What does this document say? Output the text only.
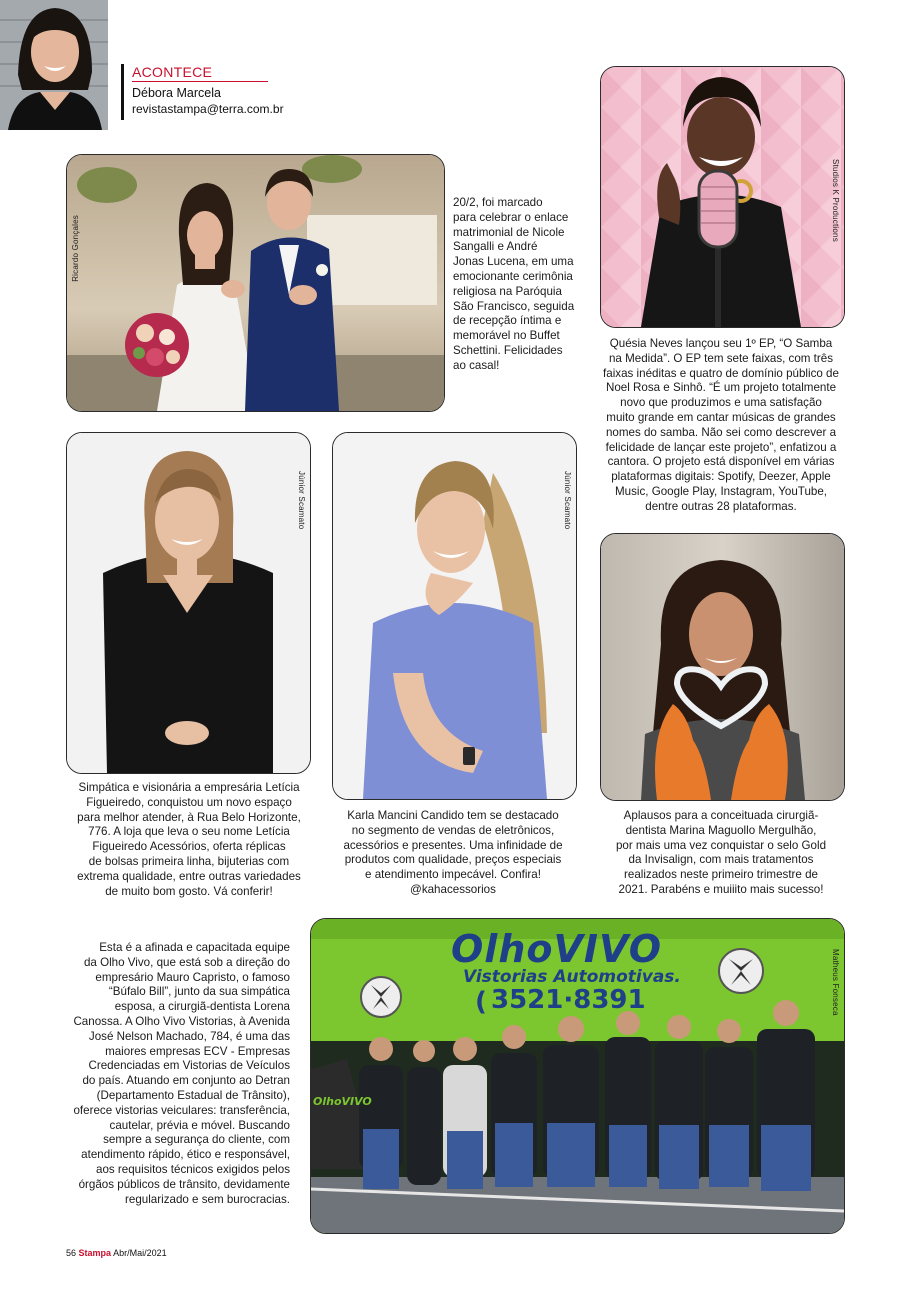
ACONTECE
Débora Marcela
revistastampa@terra.com.br
Ricardo Gonçales
20/2, foi marcado
para celebrar o enlace
matrimonial de Nicole
Sangalli e André
Jonas Lucena, em uma
emocionante cerimônia
religiosa na Paróquia
São Francisco, seguida
de recepção íntima e
memorável no Buffet
Schettini. Felicidades
ao casal!
Studios K Productions
Quésia Neves lançou seu 1º EP, “O Samba
na Medida”. O EP tem sete faixas, com três
faixas inéditas e quatro de domínio público de
Noel Rosa e Sinhô. “É um projeto totalmente
novo que produzimos e uma satisfação
muito grande em cantar músicas de grandes
nomes do samba. Não sei como descrever a
felicidade de lançar este projeto”, enfatizou a
cantora. O projeto está disponível em várias
plataformas digitais: Spotify, Deezer, Apple
Music, Google Play, Instagram, YouTube,
dentre outras 28 plataformas.
Júnior Scamato
Simpática e visionária a empresária Letícia
Figueiredo, conquistou um novo espaço
para melhor atender, à Rua Belo Horizonte,
776. A loja que leva o seu nome Letícia
Figueiredo Acessórios, oferta réplicas
de bolsas primeira linha, bijuterias com
extrema qualidade, entre outras variedades
de muito bom gosto. Vá conferir!
Júnior Scamato
Karla Mancini Candido tem se destacado
no segmento de vendas de eletrônicos,
acessórios e presentes. Uma infinidade de
produtos com qualidade, preços especiais
e atendimento impecável. Confira!
@kahacessorios
Aplausos para a conceituada cirurgiã-
dentista Marina Maguollo Mergulhão,
por mais uma vez conquistar o selo Gold
da Invisalign, com mais tratamentos
realizados neste primeiro trimestre de
2021. Parabéns e muiiito mais sucesso!
Esta é a afinada e capacitada equipe
da Olho Vivo, que está sob a direção do
empresário Mauro Capristo, o famoso
“Búfalo Bill”, junto da sua simpática
esposa, a cirurgiã-dentista Lorena
Canossa. A Olho Vivo Vistorias, à Avenida
José Nelson Machado, 784, é uma das
maiores empresas ECV - Empresas
Credenciadas em Vistorias de Veículos
do país. Atuando em conjunto ao Detran
(Departamento Estadual de Trânsito),
oferece vistorias veiculares: transferência,
cautelar, prévia e móvel. Buscando
sempre a segurança do cliente, com
atendimento rápido, ético e responsável,
aos requisitos técnicos exigidos pelos
órgãos públicos de trânsito, devidamente
regularizado e sem burocracias.
OlhoVIVO
Vistorias Automotivas.
( 3521·8391
OlhoVIVO
Matheus Fonseca
56 Stampa Abr/Mai/2021
